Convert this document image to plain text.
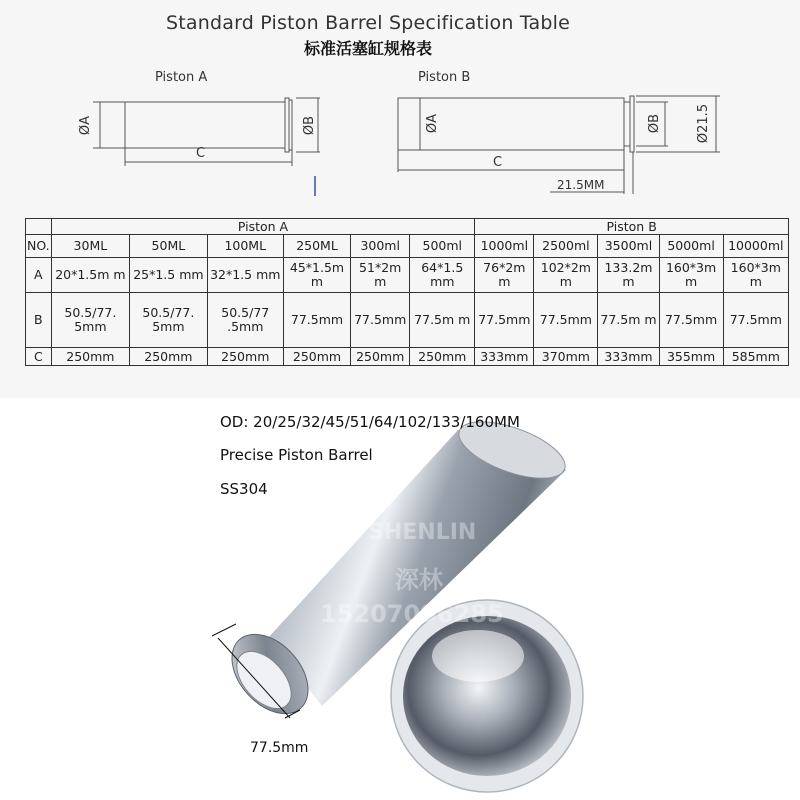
Standard Piston Barrel Specification Table
标准活塞缸规格表
Piston A	Piston B
ØA	ØB
C
ØA	ØB	Ø21.5
C
21.5MM
	Piston A						Piston B				
NO.	30ML	50ML	100ML	250ML	300ml	500ml	1000ml	2500ml	3500ml	5000ml	10000ml
A	20*1.5m m	25*1.5 mm	32*1.5 mm	45*1.5m m	51*2m m	64*1.5 mm	76*2m m	102*2m m	133.2m m	160*3m m	160*3m m
B	50.5/77. 5mm	50.5/77. 5mm	50.5/77 .5mm	77.5mm	77.5mm	77.5m m	77.5mm	77.5mm	77.5m m	77.5mm	77.5mm
C	250mm	250mm	250mm	250mm	250mm	250mm	333mm	370mm	333mm	355mm	585mm
SHENLIN
深林
15207096285
OD: 20/25/32/45/51/64/102/133/160MM
Precise Piston Barrel
SS304
77.5mm
